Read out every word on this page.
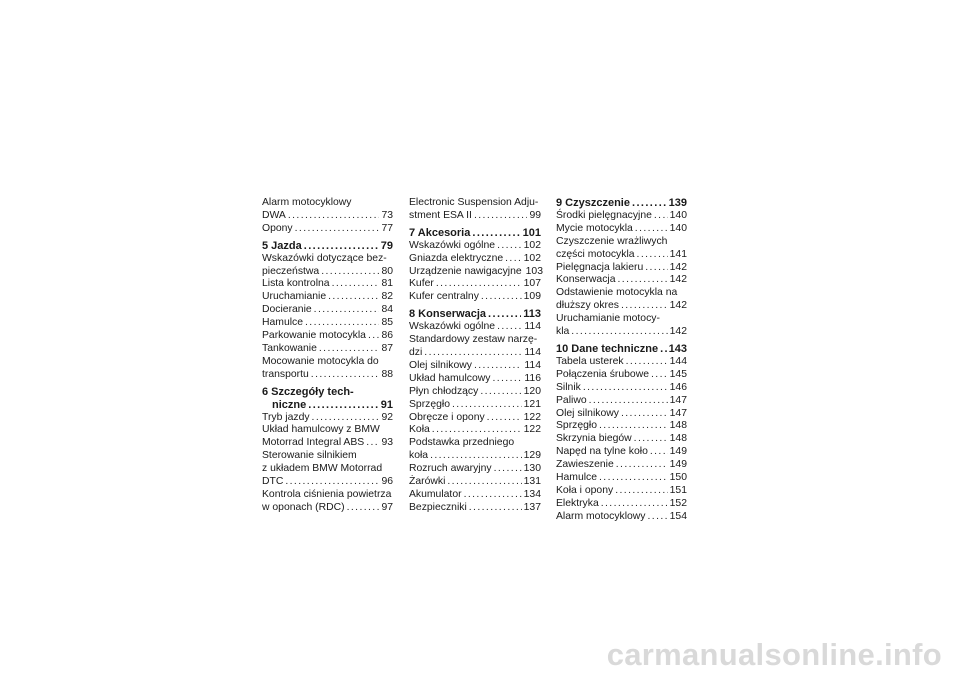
Alarm motocyklowy
DWA .....	73
Opony .....	77
5 Jazda .....	79
Wskazówki dotyczące bez-
pieczeństwa .....	80
Lista kontrolna .....	81
Uruchamianie .....	82
Docieranie .....	84
Hamulce .....	85
Parkowanie motocykla ..... 86
Tankowanie .....	87
Mocowanie motocykla do
transportu .....	88
6 Szczegóły tech-
niczne .....	91
Tryb jazdy .....	92
Układ hamulcowy z BMW
Motorrad Integral ABS ..... 93
Sterowanie silnikiem
z układem BMW Motorrad
DTC .....	96
Kontrola ciśnienia powietrza
w oponach (RDC) .....	97
Electronic Suspension Adju-
stment ESA II .....	99
7 Akcesoria .....	101
Wskazówki ogólne .....	102
Gniazda elektryczne ..... 102
Urządzenie nawigacyjne 103
Kufer .....	107
Kufer centralny .....	109
8 Konserwacja .....	113
Wskazówki ogólne .....	114
Standardowy zestaw narzę-
dzi .....	114
Olej silnikowy .....	114
Układ hamulcowy .....	116
Płyn chłodzący .....	120
Sprzęgło .....	121
Obręcze i opony .....	122
Koła .....	122
Podstawka przedniego
koła .....	129
Rozruch awaryjny .....	130
Żarówki .....	131
Akumulator .....	134
Bezpieczniki .....	137
9 Czyszczenie .....	139
Środki pielęgnacyjne ..... 140
Mycie motocykla .....	140
Czyszczenie wrażliwych
części motocykla .....	141
Pielęgnacja lakieru .....	142
Konserwacja .....	142
Odstawienie motocykla na
dłuższy okres .....	142
Uruchamianie motocy-
kla .....	142
10 Dane techniczne ..... 143
Tabela usterek .....	144
Połączenia śrubowe ..... 145
Silnik .....	146
Paliwo .....	147
Olej silnikowy .....	147
Sprzęgło .....	148
Skrzynia biegów .....	148
Napęd na tylne koło ..... 149
Zawieszenie .....	149
Hamulce .....	150
Koła i opony .....	151
Elektryka .....	152
Alarm motocyklowy ..... 154
carmanualsonline.info
